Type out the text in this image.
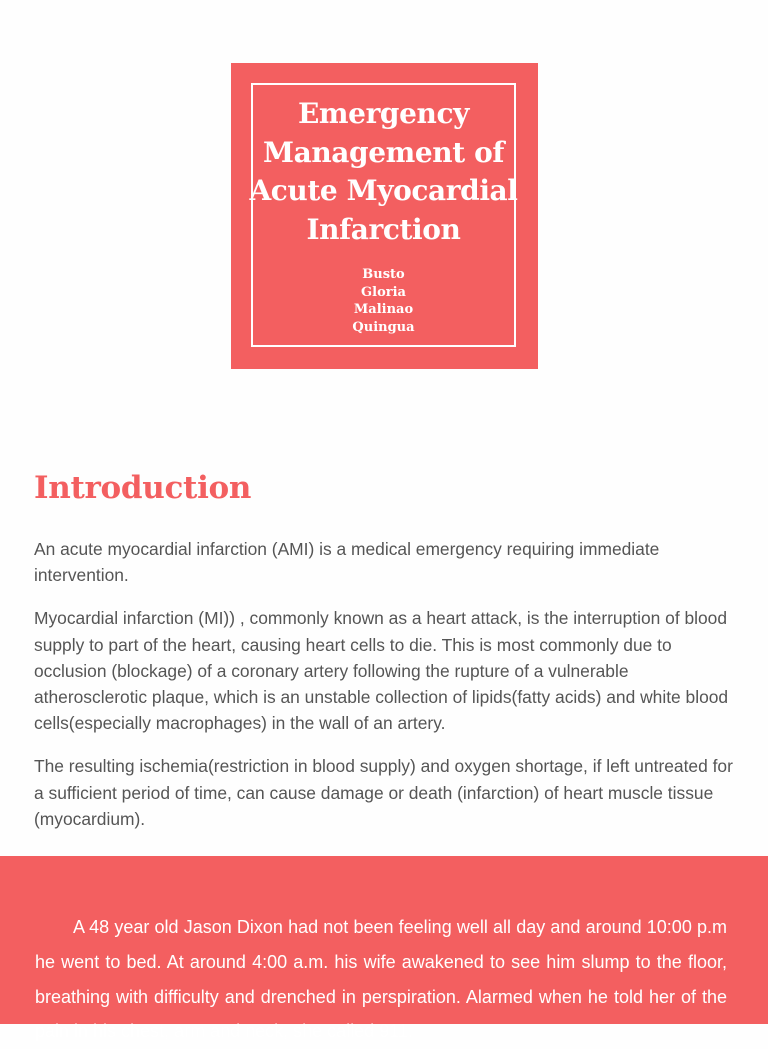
Emergency Management of Acute Myocardial Infarction
Busto
Gloria
Malinao
Quingua
Introduction

An acute myocardial infarction (AMI) is a medical emergency requiring immediate intervention.

Myocardial infarction (MI)) , commonly known as a heart attack, is the interruption of blood supply to part of the heart, causing heart cells to die. This is most commonly due to occlusion (blockage) of a coronary artery following the rupture of a vulnerable atherosclerotic plaque, which is an unstable collection of lipids(fatty acids) and white blood cells(especially macrophages) in the wall of an artery.

The resulting ischemia(restriction in blood supply) and oxygen shortage, if left untreated for a sufficient period of time, can cause damage or death (infarction) of heart muscle tissue (myocardium).

A 48 year old Jason Dixon had not been feeling well all day and around 10:00 p.m he went to bed. At around 4:00 a.m. his wife awakened to see him slump to the floor, breathing with difficulty and drenched in perspiration. Alarmed when he told her of the pain in his chest, arm and neck, she called 911.
